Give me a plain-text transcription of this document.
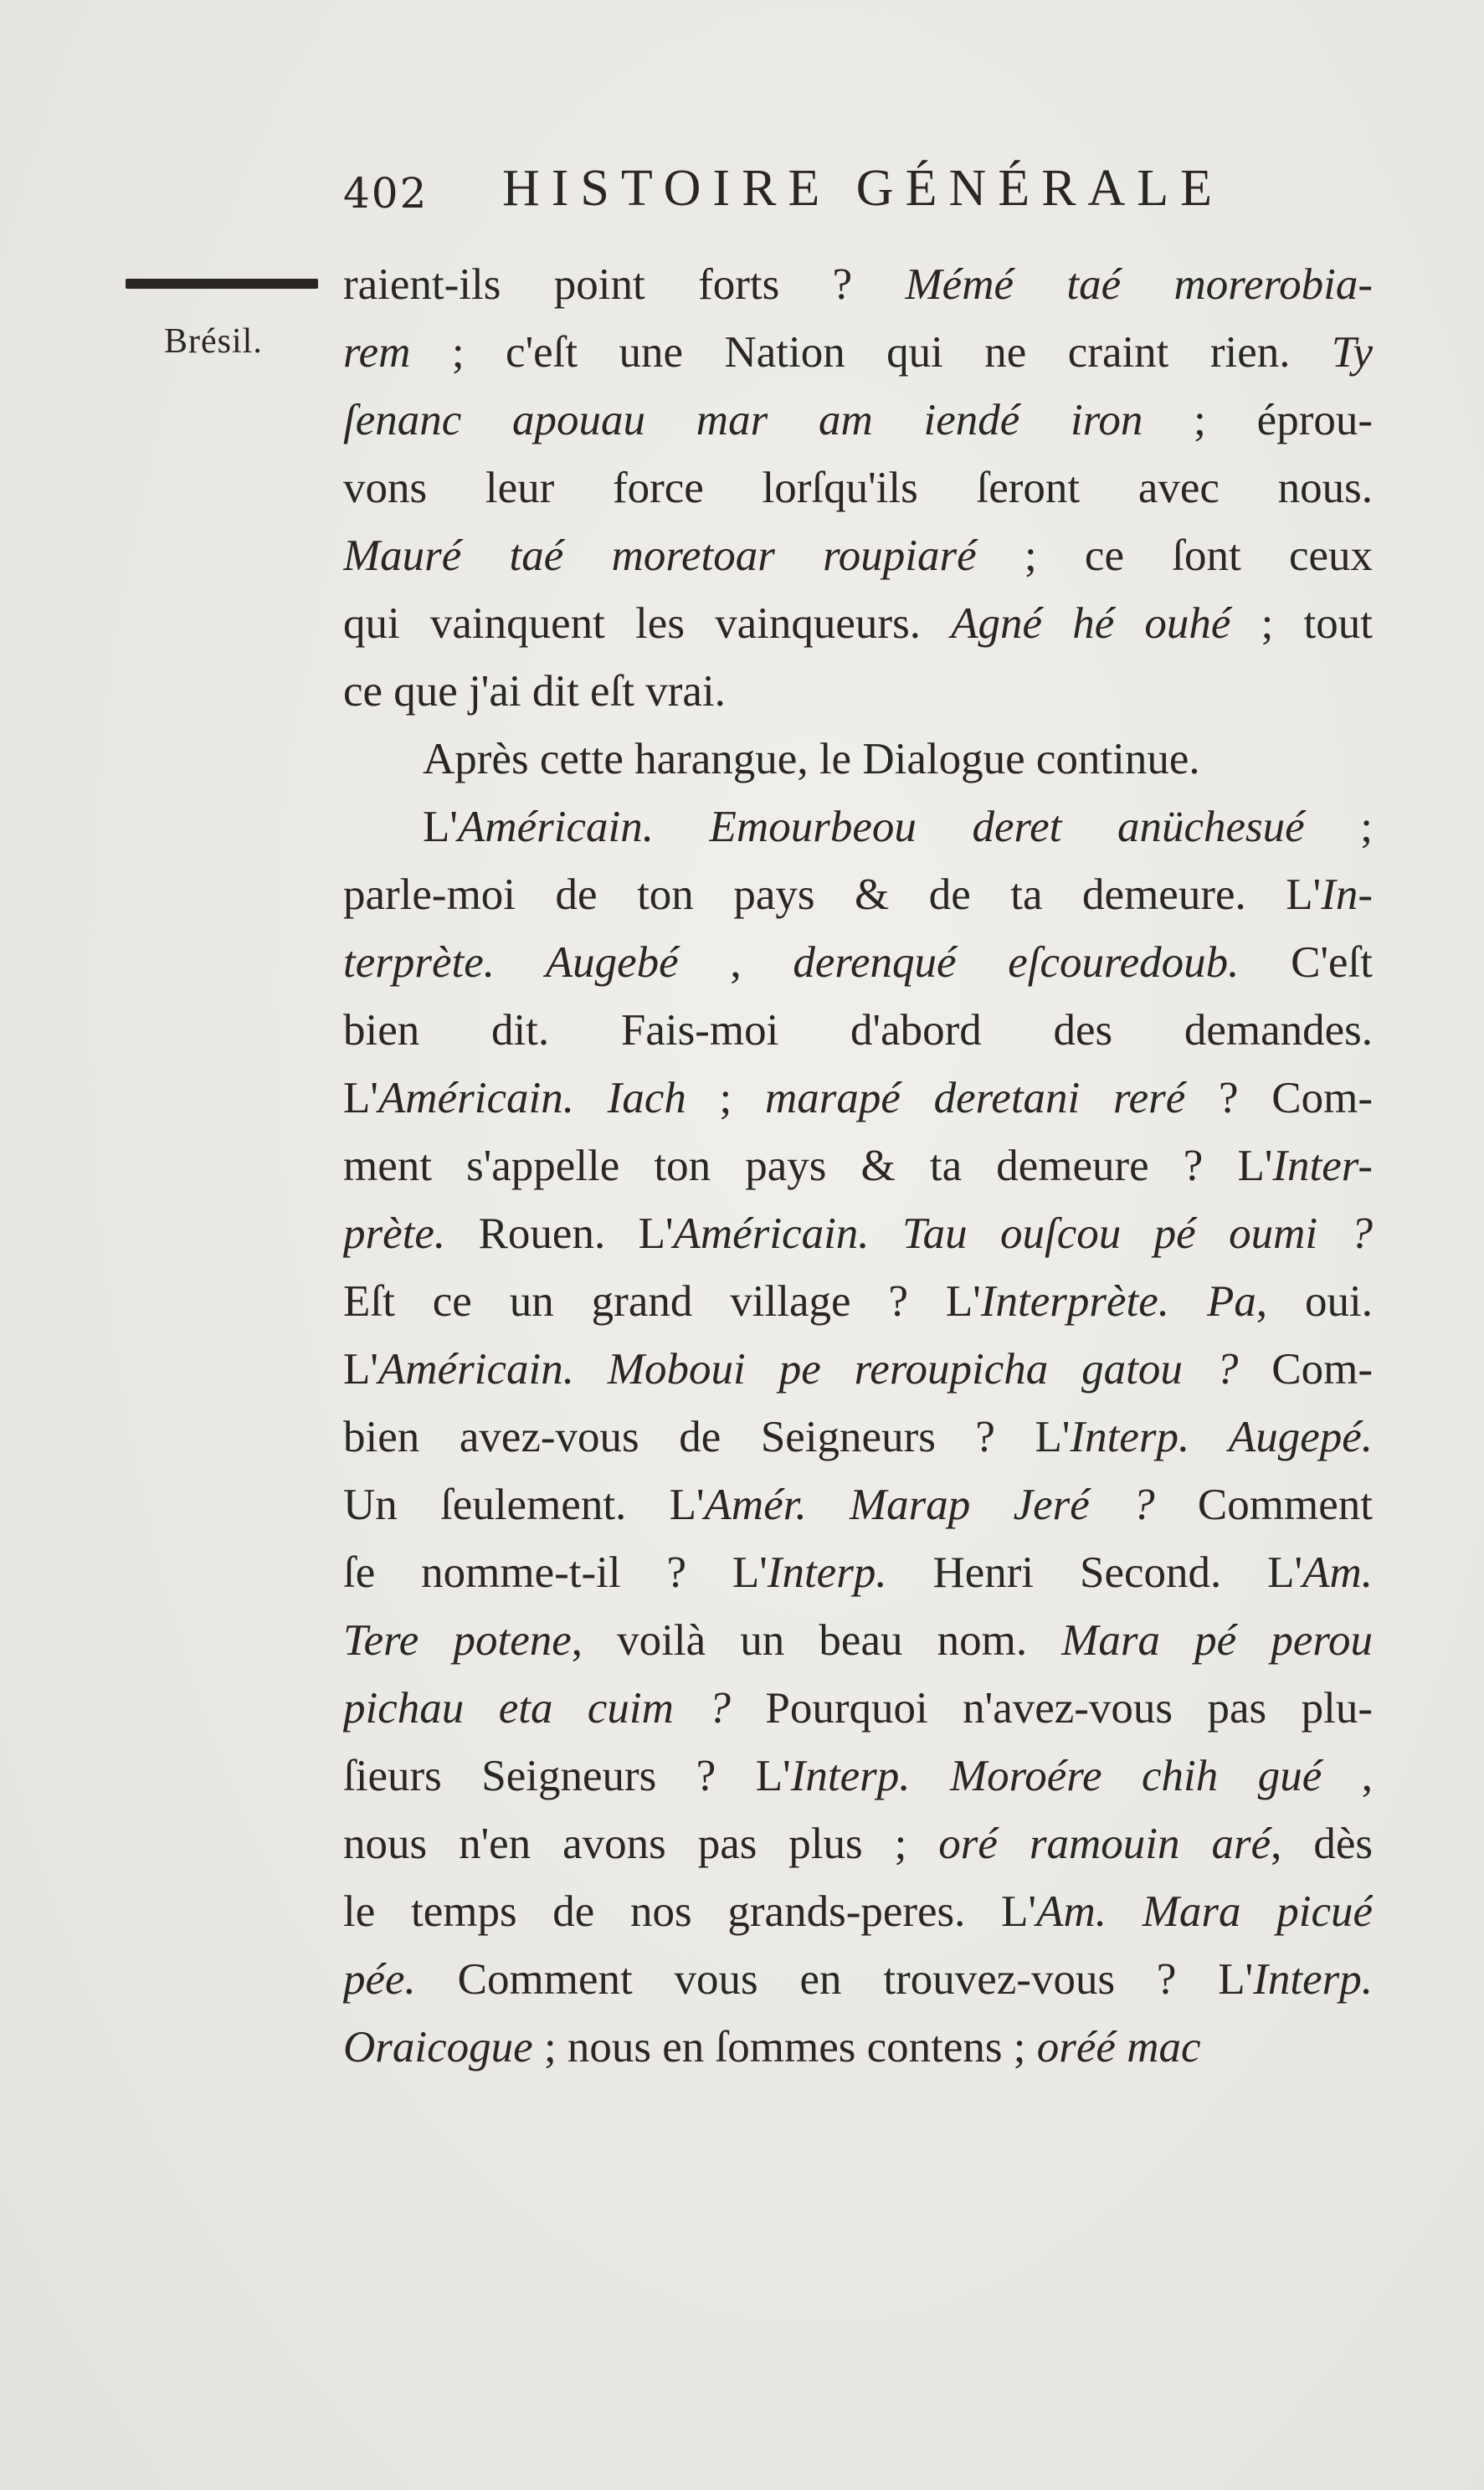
402 HISTOIRE GÉNÉRALE
Brésil.
raient-ils point forts ? Mémé taé morerobia-
rem ; c'eſt une Nation qui ne craint rien. Ty
ſenanc apouau mar am iendé iron ; éprou-
vons leur force lorſqu'ils ſeront avec nous.
Mauré taé moretoar roupiaré ; ce ſont ceux
qui vainquent les vainqueurs. Agné hé ouhé ; tout
ce que j'ai dit eſt vrai.
Après cette harangue, le Dialogue continue.
L'Américain. Emourbeou deret anüchesué ;
parle-moi de ton pays & de ta demeure. L'In-
terprète. Augebé , derenqué eſcouredoub. C'eſt
bien dit. Fais-moi d'abord des demandes.
L'Américain. Iach ; marapé deretani reré ? Com-
ment s'appelle ton pays & ta demeure ? L'Inter-
prète. Rouen. L'Américain. Tau ouſcou pé oumi ?
Eſt ce un grand village ? L'Interprète. Pa, oui.
L'Américain. Moboui pe reroupicha gatou ? Com-
bien avez-vous de Seigneurs ? L'Interp. Augepé.
Un ſeulement. L'Amér. Marap Jeré ? Comment
ſe nomme-t-il ? L'Interp. Henri Second. L'Am.
Tere potene, voilà un beau nom. Mara pé perou
pichau eta cuim ? Pourquoi n'avez-vous pas plu-
ſieurs Seigneurs ? L'Interp. Moroére chih gué ,
nous n'en avons pas plus ; oré ramouin aré, dès
le temps de nos grands-peres. L'Am. Mara picué
pée. Comment vous en trouvez-vous ? L'Interp.
Oraicogue ; nous en ſommes contens ; oréé mac
